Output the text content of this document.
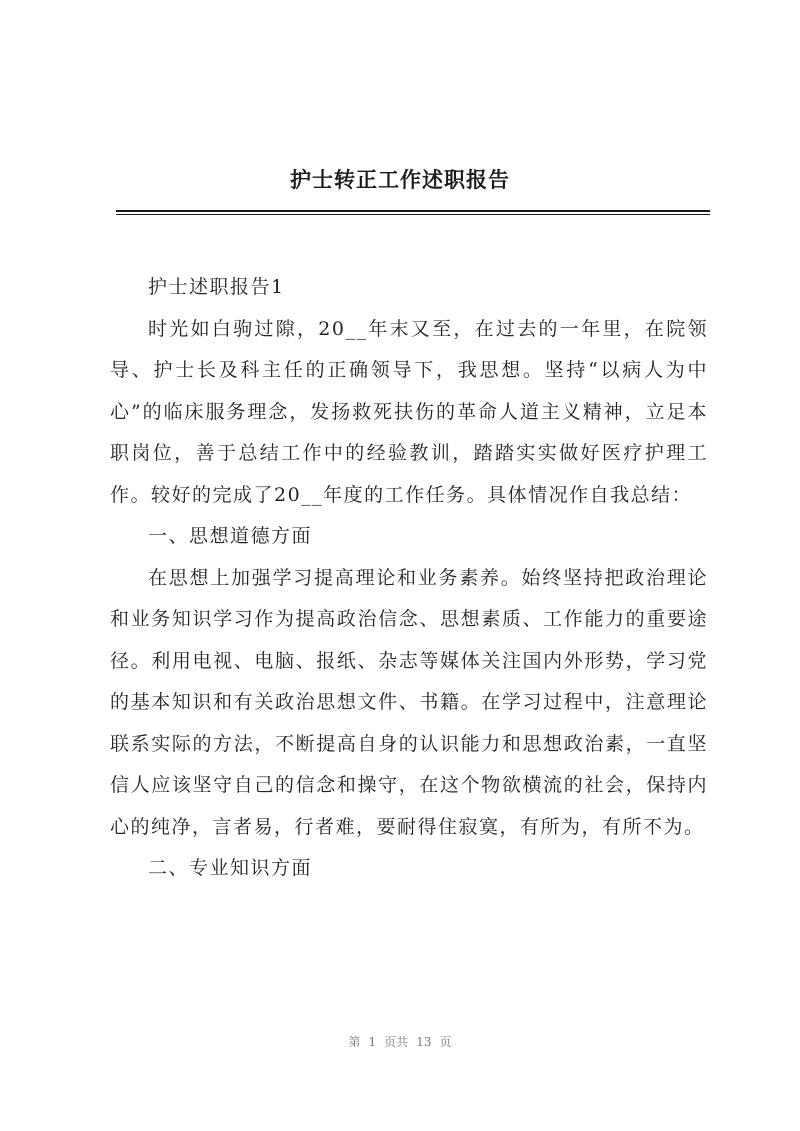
护士转正工作述职报告

护士述职报告1

时光如白驹过隙，20__年末又至，在过去的一年里，在院领导、护士长及科主任的正确领导下，我思想。坚持“以病人为中心”的临床服务理念，发扬救死扶伤的革命人道主义精神，立足本职岗位，善于总结工作中的经验教训，踏踏实实做好医疗护理工作。较好的完成了20__年度的工作任务。具体情况作自我总结：

一、思想道德方面

在思想上加强学习提高理论和业务素养。始终坚持把政治理论和业务知识学习作为提高政治信念、思想素质、工作能力的重要途径。利用电视、电脑、报纸、杂志等媒体关注国内外形势，学习党的基本知识和有关政治思想文件、书籍。在学习过程中，注意理论联系实际的方法，不断提高自身的认识能力和思想政治素，一直坚信人应该坚守自己的信念和操守，在这个物欲横流的社会，保持内心的纯净，言者易，行者难，要耐得住寂寞，有所为，有所不为。

二、专业知识方面

第 1 页共 13 页
